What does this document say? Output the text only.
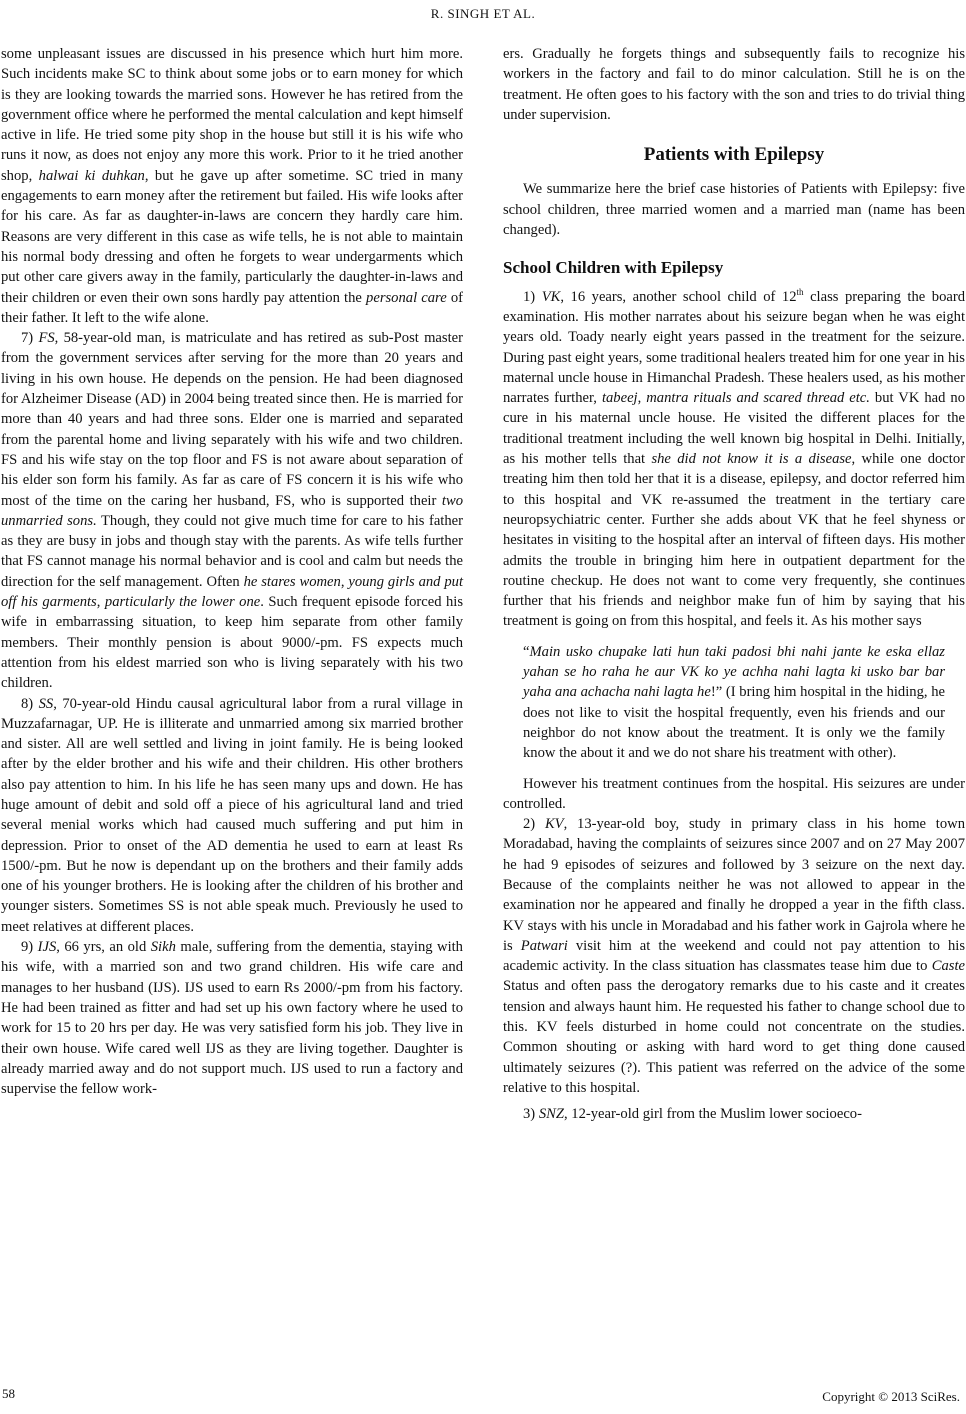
R. SINGH ET AL.

some unpleasant issues are discussed in his presence which hurt him more. Such incidents make SC to think about some jobs or to earn money for which is they are looking towards the married sons. However he has retired from the government office where he performed the mental calculation and kept himself active in life. He tried some pity shop in the house but still it is his wife who runs it now, as does not enjoy any more this work. Prior to it he tried another shop, halwai ki duhkan, but he gave up after sometime. SC tried in many engagements to earn money after the retirement but failed. His wife looks after for his care. As far as daughter-in-laws are concern they hardly care him. Reasons are very different in this case as wife tells, he is not able to maintain his normal body dressing and often he forgets to wear undergarments which put other care givers away in the family, particularly the daughter-in-laws and their children or even their own sons hardly pay attention the personal care of their father. It left to the wife alone.

7) FS, 58-year-old man, is matriculate and has retired as sub-Post master from the government services after serving for the more than 20 years and living in his own house. He depends on the pension. He had been diagnosed for Alzheimer Disease (AD) in 2004 being treated since then. He is married for more than 40 years and had three sons. Elder one is married and separated from the parental home and living separately with his wife and two children. FS and his wife stay on the top floor and FS is not aware about separation of his elder son form his family. As far as care of FS concern it is his wife who most of the time on the caring her husband, FS, who is supported their two unmarried sons. Though, they could not give much time for care to his father as they are busy in jobs and though stay with the parents. As wife tells further that FS cannot manage his normal behavior and is cool and calm but needs the direction for the self management. Often he stares women, young girls and put off his garments, particularly the lower one. Such frequent episode forced his wife in embarrassing situation, to keep him separate from other family members. Their monthly pension is about 9000/-pm. FS expects much attention from his eldest married son who is living separately with his two children.

8) SS, 70-year-old Hindu causal agricultural labor from a rural village in Muzzafarnagar, UP. He is illiterate and unmarried among six married brother and sister. All are well settled and living in joint family. He is being looked after by the elder brother and his wife and their children. His other brothers also pay attention to him. In his life he has seen many ups and down. He has huge amount of debit and sold off a piece of his agricultural land and tried several menial works which had caused much suffering and put him in depression. Prior to onset of the AD dementia he used to earn at least Rs 1500/-pm. But he now is dependant up on the brothers and their family adds one of his younger brothers. He is looking after the children of his brother and younger sisters. Sometimes SS is not able speak much. Previously he used to meet relatives at different places.

9) IJS, 66 yrs, an old Sikh male, suffering from the dementia, staying with his wife, with a married son and two grand children. His wife care and manages to her husband (IJS). IJS used to earn Rs 2000/-pm from his factory. He had been trained as fitter and had set up his own factory where he used to work for 15 to 20 hrs per day. He was very satisfied form his job. They live in their own house. Wife cared well IJS as they are living together. Daughter is already married away and do not support much. IJS used to run a factory and supervise the fellow work-

ers. Gradually he forgets things and subsequently fails to recognize his workers in the factory and fail to do minor calculation. Still he is on the treatment. He often goes to his factory with the son and tries to do trivial thing under supervision.

Patients with Epilepsy

We summarize here the brief case histories of Patients with Epilepsy: five school children, three married women and a married man (name has been changed).

School Children with Epilepsy

1) VK, 16 years, another school child of 12th class preparing the board examination. His mother narrates about his seizure began when he was eight years old. Toady nearly eight years passed in the treatment for the seizure. During past eight years, some traditional healers treated him for one year in his maternal uncle house in Himanchal Pradesh. These healers used, as his mother narrates further, tabeej, mantra rituals and scared thread etc. but VK had no cure in his maternal uncle house. He visited the different places for the traditional treatment including the well known big hospital in Delhi. Initially, as his mother tells that she did not know it is a disease, while one doctor treating him then told her that it is a disease, epilepsy, and doctor referred him to this hospital and VK re-assumed the treatment in the tertiary care neuropsychiatric center. Further she adds about VK that he feel shyness or hesitates in visiting to the hospital after an interval of fifteen days. His mother admits the trouble in bringing him here in outpatient department for the routine checkup. He does not want to come very frequently, she continues further that his friends and neighbor make fun of him by saying that his treatment is going on from this hospital, and feels it. As his mother says

“Main usko chupake lati hun taki padosi bhi nahi jante ke eska ellaz yahan se ho raha he aur VK ko ye achha nahi lagta ki usko bar bar yaha ana achacha nahi lagta he!” (I bring him hospital in the hiding, he does not like to visit the hospital frequently, even his friends and our neighbor do not know about the treatment. It is only we the family know the about it and we do not share his treatment with other).

However his treatment continues from the hospital. His seizures are under controlled.

2) KV, 13-year-old boy, study in primary class in his home town Moradabad, having the complaints of seizures since 2007 and on 27 May 2007 he had 9 episodes of seizures and followed by 3 seizure on the next day. Because of the complaints neither he was not allowed to appear in the examination nor he appeared and finally he dropped a year in the fifth class. KV stays with his uncle in Moradabad and his father work in Gajrola where he is Patwari visit him at the weekend and could not pay attention to his academic activity. In the class situation has classmates tease him due to Caste Status and often pass the derogatory remarks due to his caste and it creates tension and always haunt him. He requested his father to change school due to this. KV feels disturbed in home could not concentrate on the studies. Common shouting or asking with hard word to get thing done caused ultimately seizures (?). This patient was referred on the advice of the some relative to this hospital.

3) SNZ, 12-year-old girl from the Muslim lower socioeco-

58	Copyright © 2013 SciRes.
